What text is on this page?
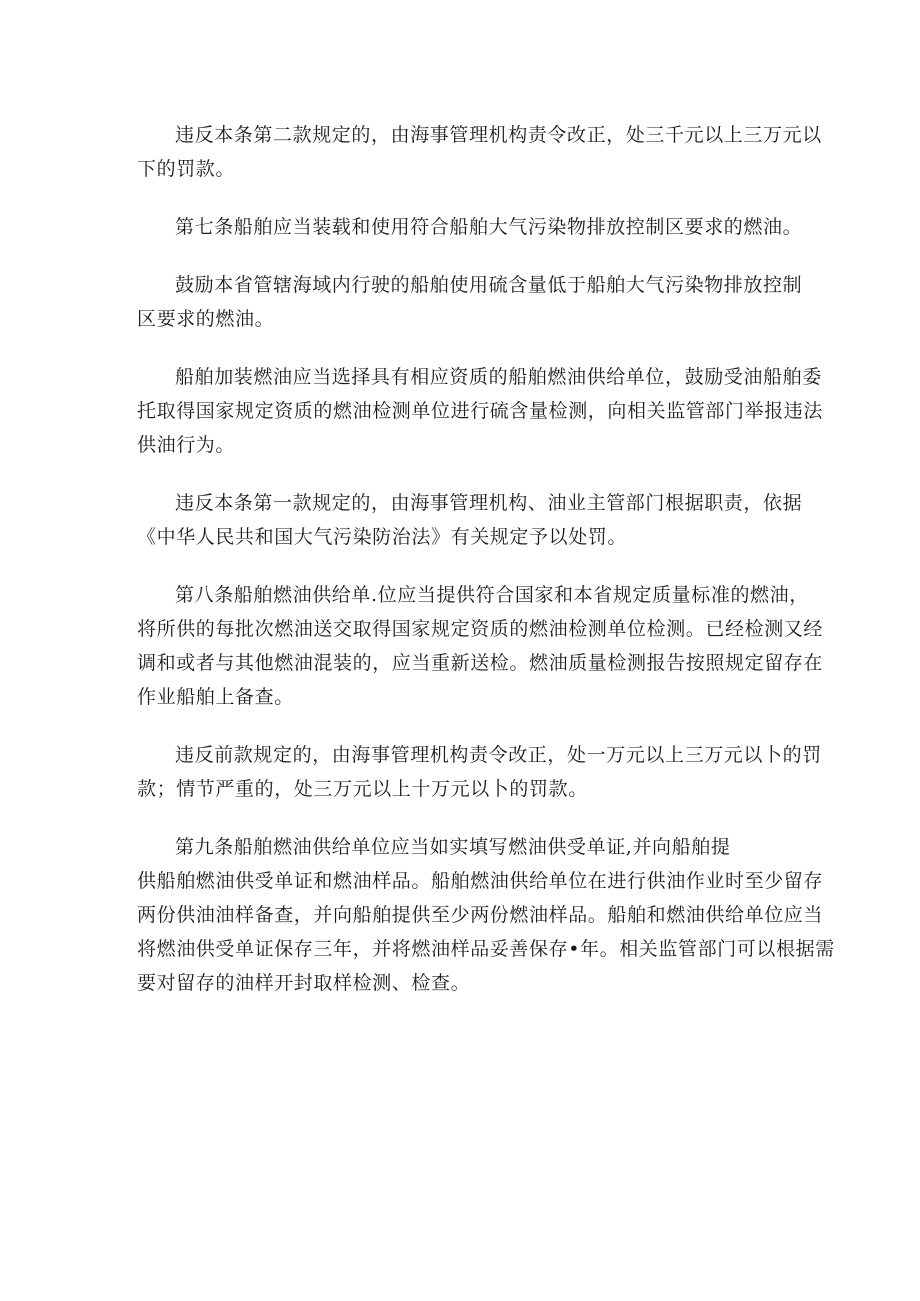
违反本条第二款规定的，由海事管理机构责令改正，处三千元以上三万元以
下的罚款。
第七条船舶应当装载和使用符合船舶大气污染物排放控制区要求的燃油。
鼓励本省管辖海域内行驶的船舶使用硫含量低于船舶大气污染物排放控制
区要求的燃油。
船舶加装燃油应当选择具有相应资质的船舶燃油供给单位，鼓励受油船舶委
托取得国家规定资质的燃油检测单位进行硫含量检测，向相关监管部门举报违法
供油行为。
违反本条第一款规定的，由海事管理机构、油业主管部门根据职责，依据
《中华人民共和国大气污染防治法》有关规定予以处罚。
第八条船舶燃油供给单.位应当提供符合国家和本省规定质量标准的燃油，
将所供的每批次燃油送交取得国家规定资质的燃油检测单位检测。已经检测又经
调和或者与其他燃油混装的，应当重新送检。燃油质量检测报告按照规定留存在
作业船舶上备查。
违反前款规定的，由海事管理机构责令改正，处一万元以上三万元以卜的罚
款；情节严重的，处三万元以上十万元以卜的罚款。
第九条船舶燃油供给单位应当如实填写燃油供受单证,并向船舶提
供船舶燃油供受单证和燃油样品。船舶燃油供给单位在进行供油作业时至少留存
两份供油油样备查，并向船舶提供至少两份燃油样品。船舶和燃油供给单位应当
将燃油供受单证保存三年，并将燃油样品妥善保存•年。相关监管部门可以根据需
要对留存的油样开封取样检测、检查。
